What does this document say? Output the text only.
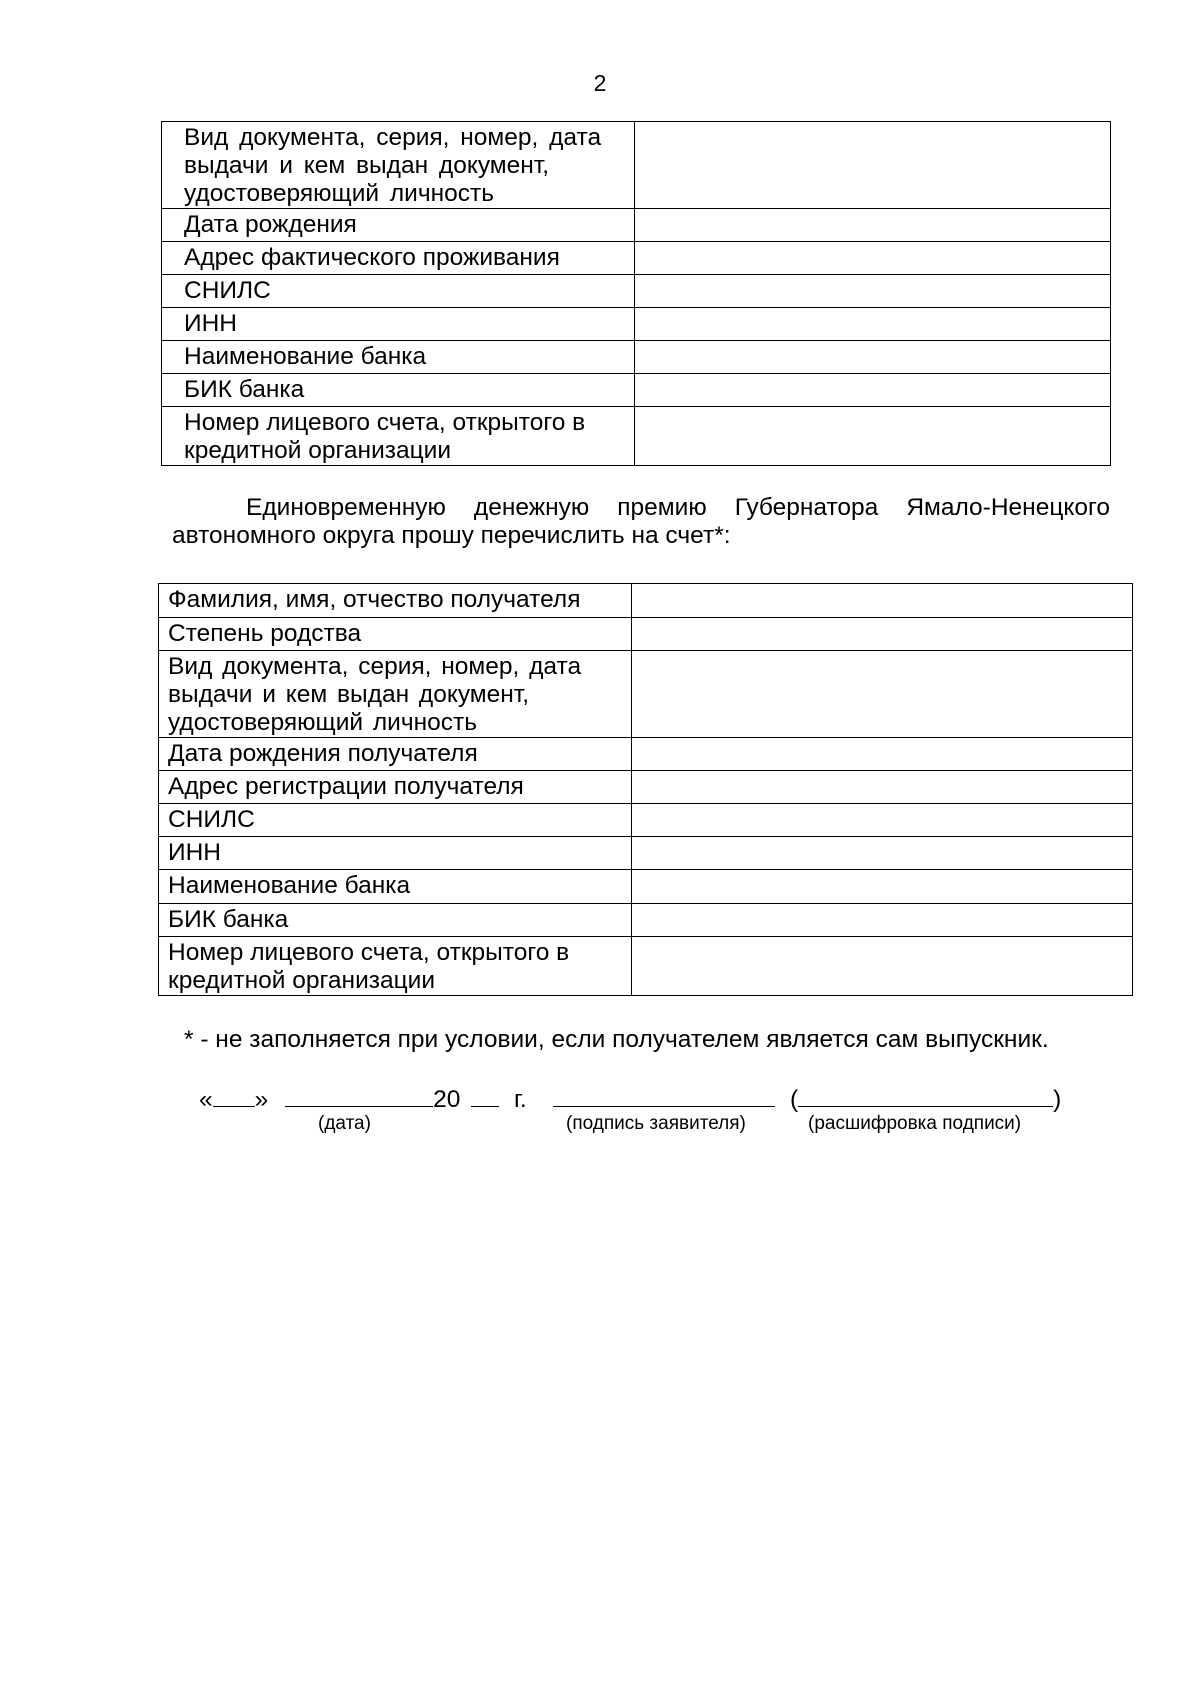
2
Вид документа, серия, номер, дата выдачи и кем выдан документ, удостоверяющий личность	
Дата рождения	
Адрес фактического проживания	
СНИЛС	
ИНН	
Наименование банка	
БИК банка	
Номер лицевого счета, открытого в кредитной организации	

Единовременную денежную премию Губернатора Ямало-Ненецкого автономного округа прошу перечислить на счет*:

Фамилия, имя, отчество получателя	
Степень родства	
Вид документа, серия, номер, дата выдачи и кем выдан документ, удостоверяющий личность	
Дата рождения получателя	
Адрес регистрации получателя	
СНИЛС	
ИНН	
Наименование банка	
БИК банка	
Номер лицевого счета, открытого в кредитной организации	
* - не заполняется при условии, если получателем является сам выпускник.
« »	20 г.	(	)
(дата)	(подпись заявителя)	(расшифровка подписи)
